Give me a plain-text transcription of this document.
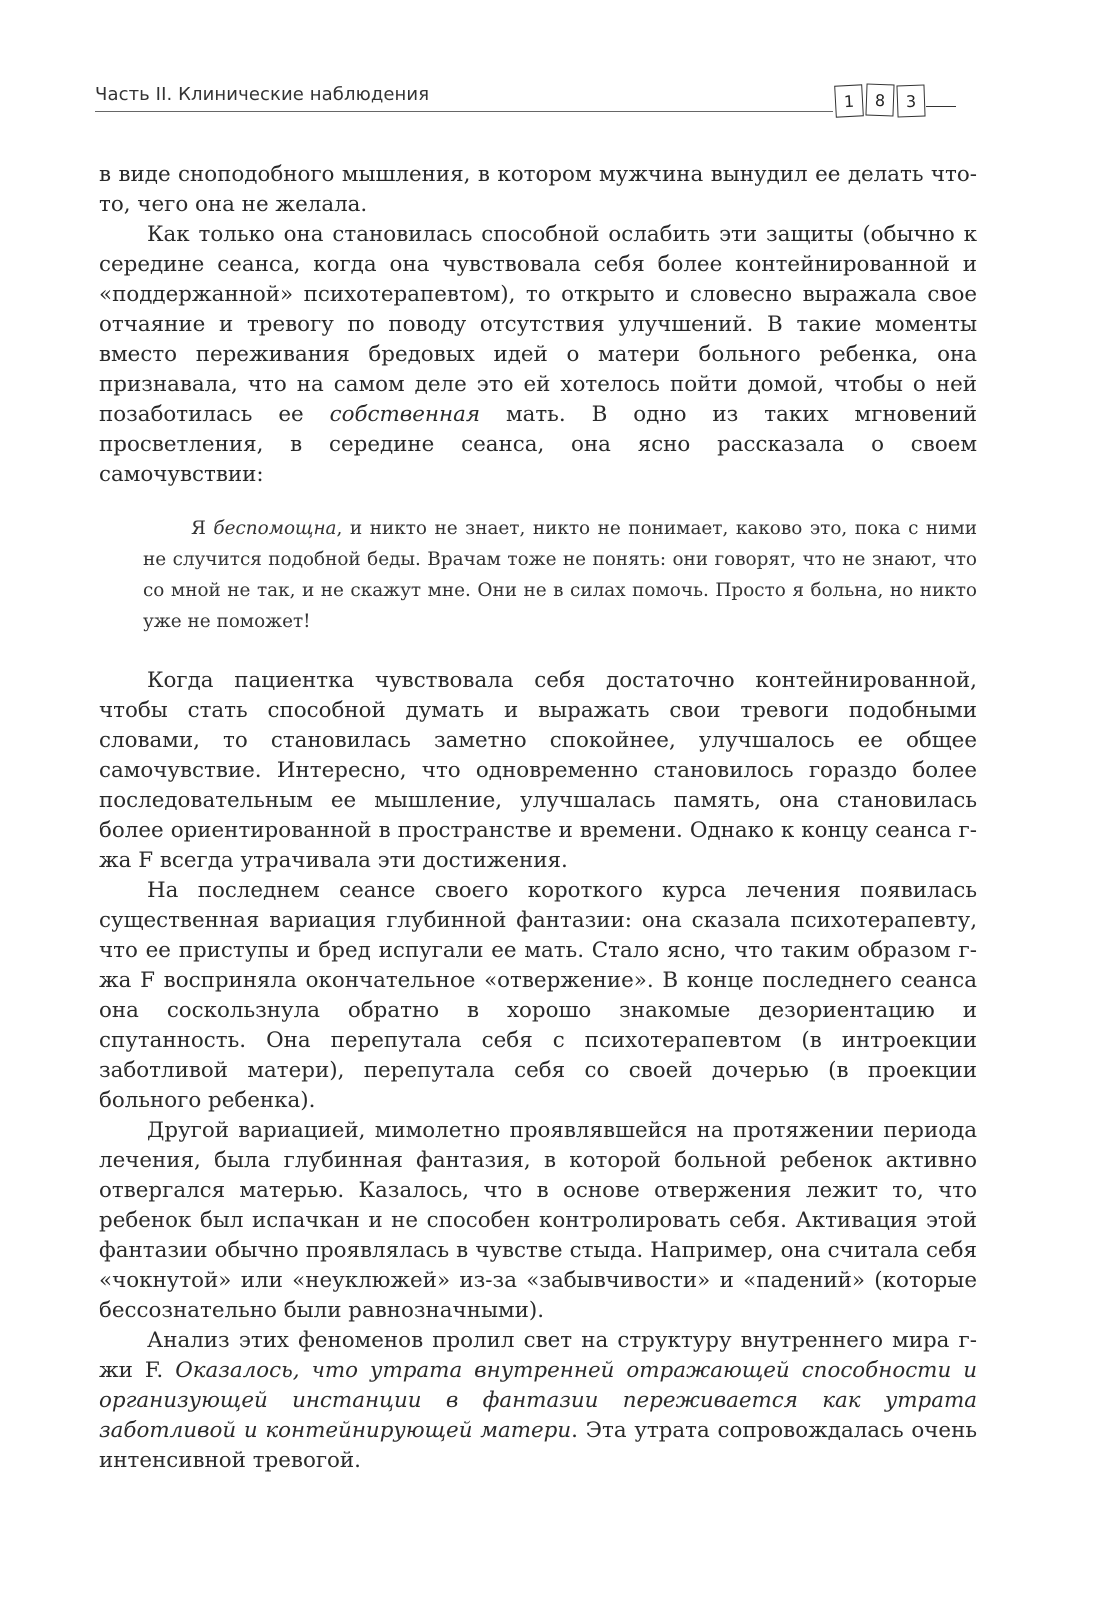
Часть II. Клинические наблюдения	1	8	3

в виде сноподобного мышления, в котором мужчина вынудил ее делать что-то, чего она не желала.

Как только она становилась способной ослабить эти защиты (обычно к середине сеанса, когда она чувствовала себя более контейнированной и «поддержанной» психотерапевтом), то открыто и словесно выражала свое отчаяние и тревогу по поводу отсутствия улучшений. В такие моменты вместо переживания бредовых идей о матери больного ребенка, она признавала, что на самом деле это ей хотелось пойти домой, чтобы о ней позаботилась ее собственная мать. В одно из таких мгновений просветления, в середине сеанса, она ясно рассказала о своем самочувствии:

Я беспомощна, и никто не знает, никто не понимает, каково это, пока с ними не случится подобной беды. Врачам тоже не понять: они говорят, что не знают, что со мной не так, и не скажут мне. Они не в силах помочь. Просто я больна, но никто уже не поможет!

Когда пациентка чувствовала себя достаточно контейнированной, чтобы стать способной думать и выражать свои тревоги подобными словами, то становилась заметно спокойнее, улучшалось ее общее самочувствие. Интересно, что одновременно становилось гораздо более последовательным ее мышление, улучшалась память, она становилась более ориентированной в пространстве и времени. Однако к концу сеанса г-жа F всегда утрачивала эти достижения.

На последнем сеансе своего короткого курса лечения появилась существенная вариация глубинной фантазии: она сказала психотерапевту, что ее приступы и бред испугали ее мать. Стало ясно, что таким образом г-жа F восприняла окончательное «отвержение». В конце последнего сеанса она соскользнула обратно в хорошо знакомые дезориентацию и спутанность. Она перепутала себя с психотерапевтом (в интроекции заботливой матери), перепутала себя со своей дочерью (в проекции больного ребенка).

Другой вариацией, мимолетно проявлявшейся на протяжении периода лечения, была глубинная фантазия, в которой больной ребенок активно отвергался матерью. Казалось, что в основе отвержения лежит то, что ребенок был испачкан и не способен контролировать себя. Активация этой фантазии обычно проявлялась в чувстве стыда. Например, она считала себя «чокнутой» или «неуклюжей» из-за «забывчивости» и «падений» (которые бессознательно были равнозначными).

Анализ этих феноменов пролил свет на структуру внутреннего мира г-жи F. Оказалось, что утрата внутренней отражающей способности и организующей инстанции в фантазии переживается как утрата заботливой и контейнирующей матери. Эта утрата сопровождалась очень интенсивной тревогой.
